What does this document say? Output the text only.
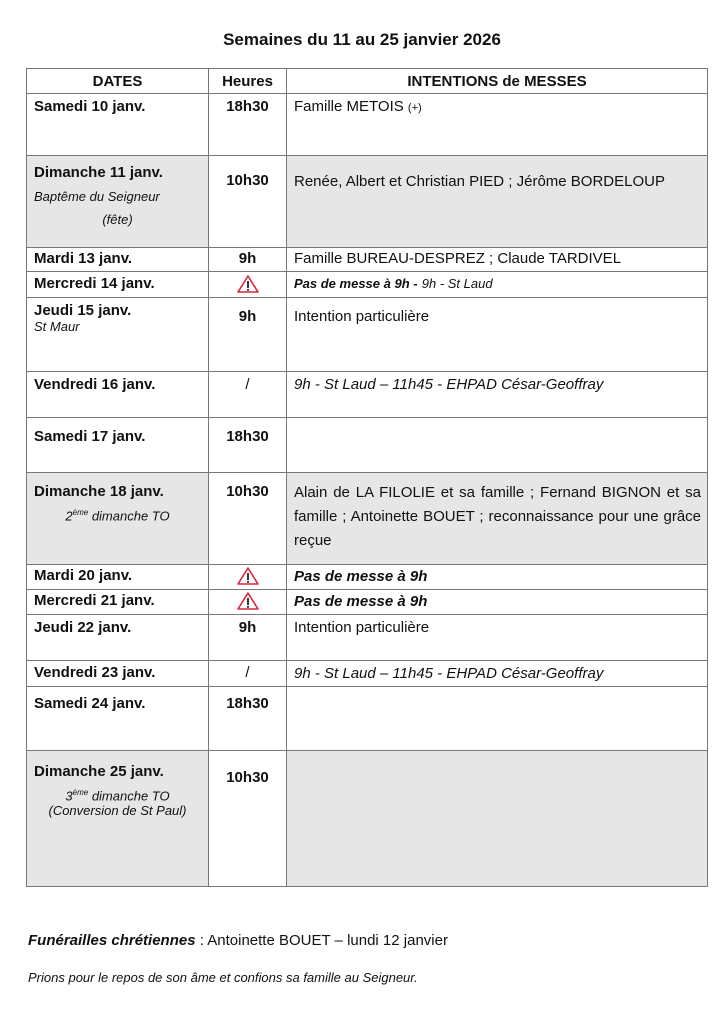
Semaines du 11 au 25 janvier 2026
DATES	Heures	INTENTIONS de MESSES

Samedi 10 janv.	18h30	Famille METOIS (+)

Dimanche 11 janv.
Baptême du Seigneur
(fête)	10h30	Renée, Albert et Christian PIED ; Jérôme BORDELOUP
Mardi 13 janv.	9h	Famille BUREAU-DESPREZ ; Claude TARDIVEL
Mercredi 14 janv.		Pas de messe à 9h - 9h - St Laud

Jeudi 15 janv.
St Maur	9h	Intention particulière
Vendredi 16 janv.	/	9h - St Laud – 11h45 - EHPAD César-Geoffray
Samedi 17 janv.	18h30	

Dimanche 18 janv.
2ème dimanche TO	10h30	Alain de LA FILOLIE et sa famille ; Fernand BIGNON et sa famille ; Antoinette BOUET ; reconnaissance pour une grâce reçue
Mardi 20 janv.		Pas de messe à 9h
Mercredi 21 janv.		Pas de messe à 9h
Jeudi 22 janv.	9h	Intention particulière
Vendredi 23 janv.	/	9h - St Laud – 11h45 - EHPAD César-Geoffray
Samedi 24 janv.	18h30	

Dimanche 25 janv.
3ème dimanche TO
(Conversion de St Paul)	10h30	
Funérailles chrétiennes : Antoinette BOUET – lundi 12 janvier
Prions pour le repos de son âme et confions sa famille au Seigneur.
